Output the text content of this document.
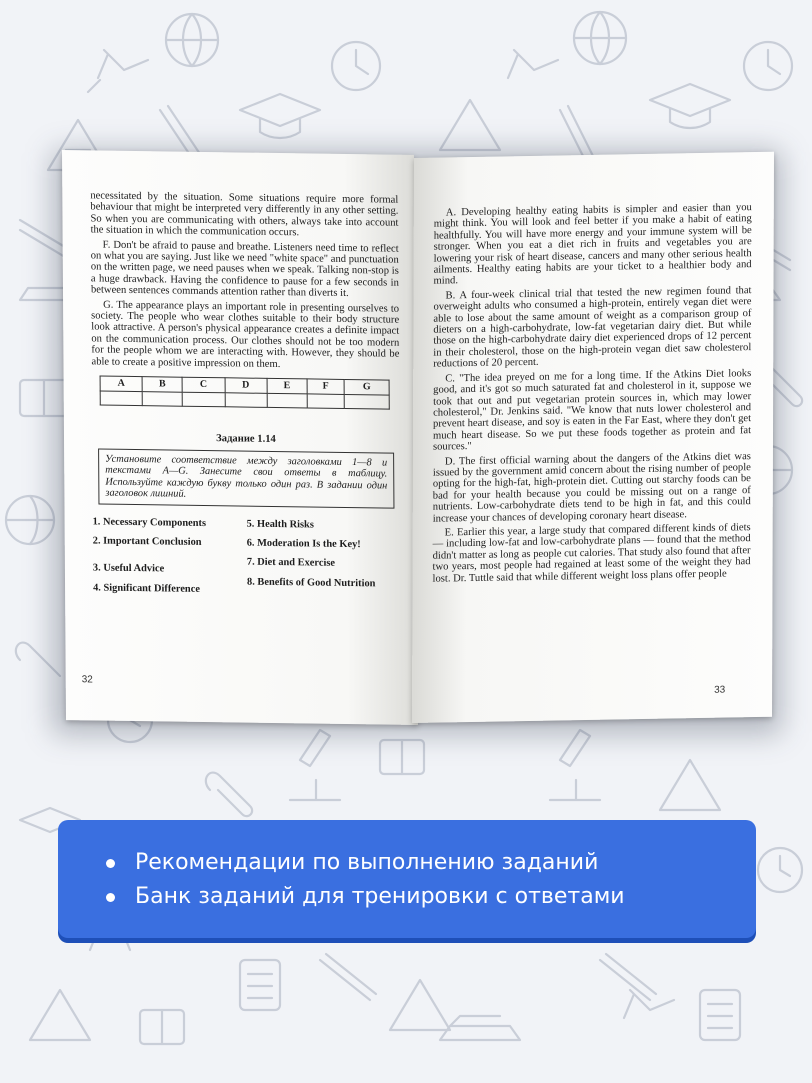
necessitated by the situation. Some situations require more formal behaviour that might be interpreted very differently in any other setting. So when you are communicating with others, always take into account the situation in which the communication occurs.

F. Don't be afraid to pause and breathe. Listeners need time to reflect on what you are saying. Just like we need "white space" and punctuation on the written page, we need pauses when we speak. Talking non-stop is a huge drawback. Having the confidence to pause for a few seconds in between sentences commands attention rather than diverts it.

G. The appearance plays an important role in presenting ourselves to society. The people who wear clothes suitable to their body structure look attractive. A person's physical appearance creates a definite impact on the communication process. Our clothes should not be too modern for the people whom we are interacting with. However, they should be able to create a positive impression on them.

A	B	C	D	E	F	G

Задание 1.14
Установите соответствие между заголовками 1—8 и текстами A—G. Занесите свои ответы в таблицу. Используйте каждую букву только один раз. В задании один заголовок лишний.
1. Necessary Components
2. Important Conclusion
3. Useful Advice
4. Significant Difference
5. Health Risks
6. Moderation Is the Key!
7. Diet and Exercise
8. Benefits of Good Nutrition
32

A. Developing healthy eating habits is simpler and easier than you might think. You will look and feel better if you make a habit of eating healthfully. You will have more energy and your immune system will be stronger. When you eat a diet rich in fruits and vegetables you are lowering your risk of heart disease, cancers and many other serious health ailments. Healthy eating habits are your ticket to a healthier body and mind.

B. A four-week clinical trial that tested the new regimen found that overweight adults who consumed a high-protein, entirely vegan diet were able to lose about the same amount of weight as a comparison group of dieters on a high-carbohydrate, low-fat vegetarian dairy diet. But while those on the high-carbohydrate dairy diet experienced drops of 12 percent in their cholesterol, those on the high-protein vegan diet saw cholesterol reductions of 20 percent.

C. "The idea preyed on me for a long time. If the Atkins Diet looks good, and it's got so much saturated fat and cholesterol in it, suppose we took that out and put vegetarian protein sources in, which may lower cholesterol," Dr. Jenkins said. "We know that nuts lower cholesterol and prevent heart disease, and soy is eaten in the Far East, where they don't get much heart disease. So we put these foods together as protein and fat sources."

D. The first official warning about the dangers of the Atkins diet was issued by the government amid concern about the rising number of people opting for the high-fat, high-protein diet. Cutting out starchy foods can be bad for your health because you could be missing out on a range of nutrients. Low-carbohydrate diets tend to be high in fat, and this could increase your chances of developing coronary heart disease.

E. Earlier this year, a large study that compared different kinds of diets — including low-fat and low-carbohydrate plans — found that the method didn't matter as long as people cut calories. That study also found that after two years, most people had regained at least some of the weight they had lost. Dr. Tuttle said that while different weight loss plans offer people

33
Рекомендации по выполнению заданий
Банк заданий для тренировки с ответами
